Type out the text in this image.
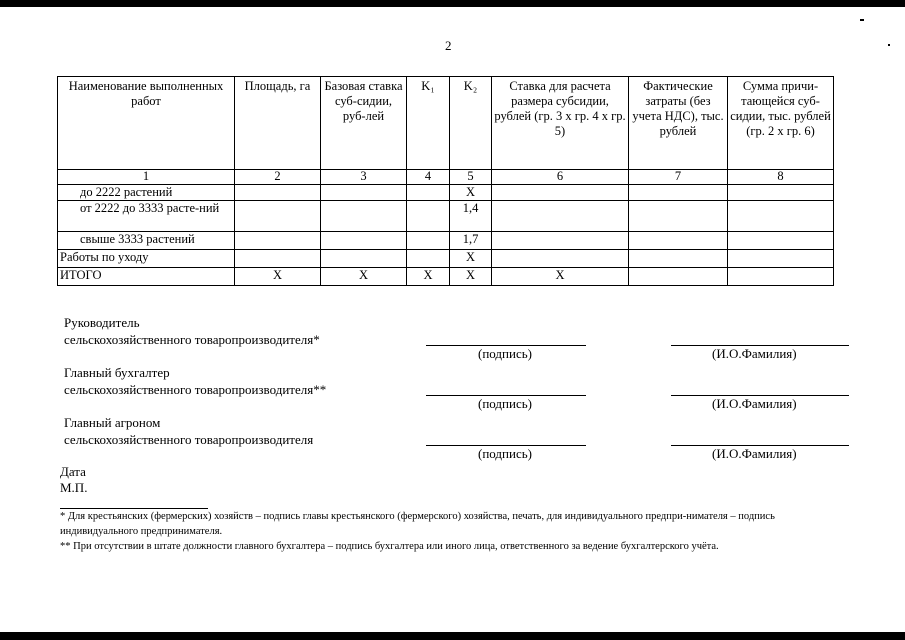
2
Наименование выполненных работ	Площадь, га	Базовая ставка суб-сидии, руб-лей	K₁	K₂	Ставка для расчета размера субсидии, рублей (гр. 3 х гр. 4 х гр. 5)	Фактические затраты (без учета НДС), тыс. рублей	Сумма причи-тающейся суб-сидии, тыс. рублей (гр. 2 х гр. 6)
1	2	3	4	5	6	7	8
до 2222 растений				X			
от 2222 до 3333 расте-ний				1,4			
свыше 3333 растений				1,7			
Работы по уходу				X			
ИТОГО	X	X	X	X	X		
Руководитель
сельскохозяйственного товаропроизводителя*
(подпись)	(И.О.Фамилия)
Главный бухгалтер
сельскохозяйственного товаропроизводителя**
(подпись)	(И.О.Фамилия)
Главный агроном
сельскохозяйственного товаропроизводителя
(подпись)	(И.О.Фамилия)
Дата
М.П.
* Для крестьянских (фермерских) хозяйств – подпись главы крестьянского (фермерского) хозяйства, печать, для индивидуального предпри-нимателя – подпись индивидуального предпринимателя.
** При отсутствии в штате должности главного бухгалтера – подпись бухгалтера или иного лица, ответственного за ведение бухгалтерского учёта.
